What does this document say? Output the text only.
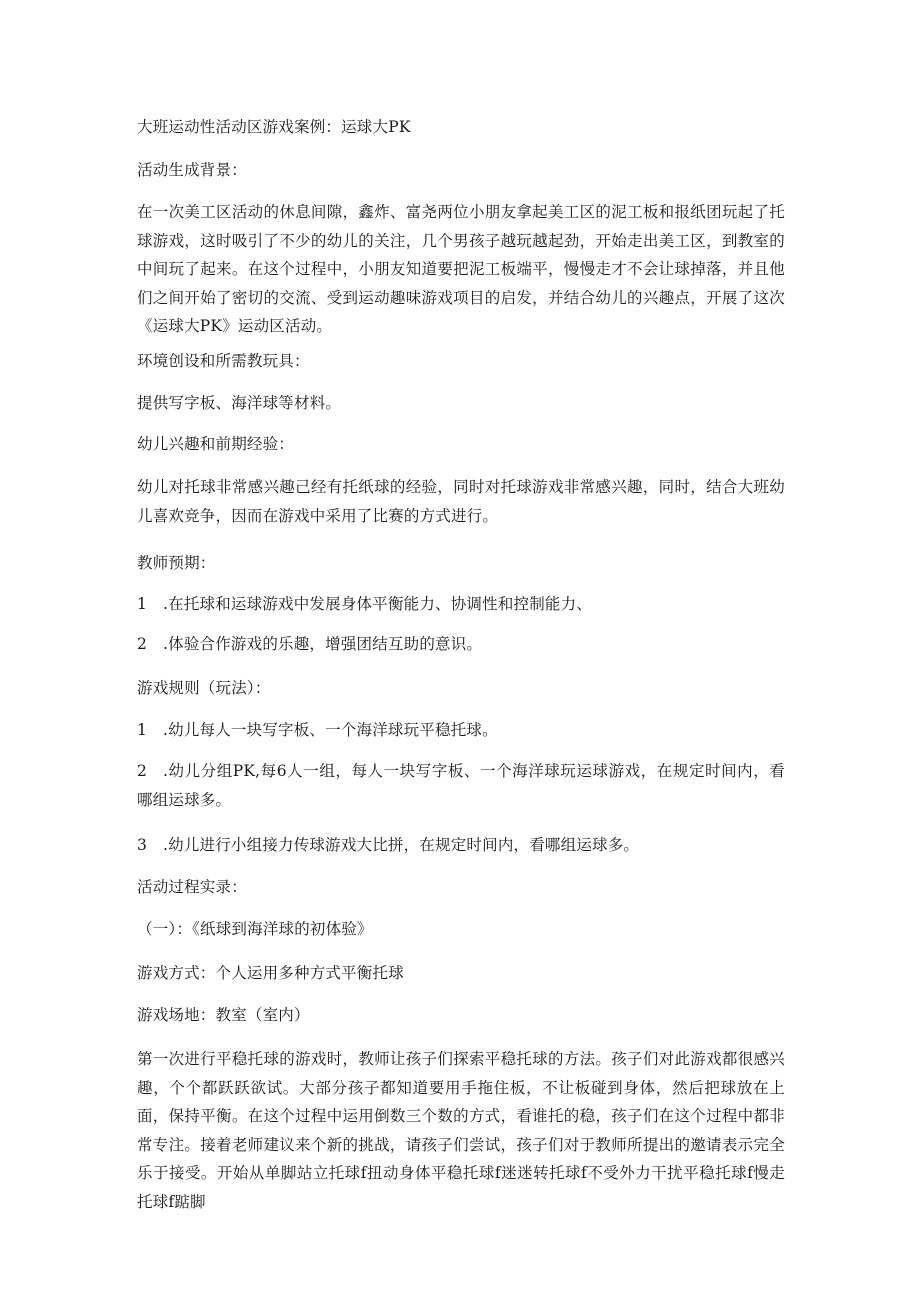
大班运动性活动区游戏案例：运球大PK
活动生成背景：
在一次美工区活动的休息间隙，鑫炸、富尧两位小朋友拿起美工区的泥工板和报纸团玩起了托球游戏，这时吸引了不少的幼儿的关注，几个男孩子越玩越起劲，开始走出美工区，到教室的中间玩了起来。在这个过程中，小朋友知道要把泥工板端平，慢慢走才不会让球掉落，并且他们之间开始了密切的交流、受到运动趣味游戏项目的启发，并结合幼儿的兴趣点，开展了这次《运球大PK》运动区活动。
环境创设和所需教玩具：
提供写字板、海洋球等材料。
幼儿兴趣和前期经验：
幼儿对托球非常感兴趣己经有托纸球的经验，同时对托球游戏非常感兴趣，同时，结合大班幼儿喜欢竞争，因而在游戏中采用了比赛的方式进行。
教师预期：
1 .在托球和运球游戏中发展身体平衡能力、协调性和控制能力、
2 .体验合作游戏的乐趣，增强团结互助的意识。
游戏规则（玩法）：
1 .幼儿每人一块写字板、一个海洋球玩平稳托球。
2 .幼儿分组PK,每6人一组，每人一块写字板、一个海洋球玩运球游戏，在规定时间内，看哪组运球多。
3 .幼儿进行小组接力传球游戏大比拼，在规定时间内，看哪组运球多。
活动过程实录：
（一）：《纸球到海洋球的初体验》
游戏方式：个人运用多种方式平衡托球
游戏场地：教室（室内）
第一次进行平稳托球的游戏时，教师让孩子们探索平稳托球的方法。孩子们对此游戏都很感兴趣，个个都跃跃欲试。大部分孩子都知道要用手拖住板，不让板碰到身体，然后把球放在上面，保持平衡。在这个过程中运用倒数三个数的方式，看谁托的稳，孩子们在这个过程中都非常专注。接着老师建议来个新的挑战，请孩子们尝试，孩子们对于教师所提出的邀请表示完全乐于接受。开始从单脚站立托球f扭动身体平稳托球f迷迷转托球f不受外力干扰平稳托球f慢走托球f踮脚
